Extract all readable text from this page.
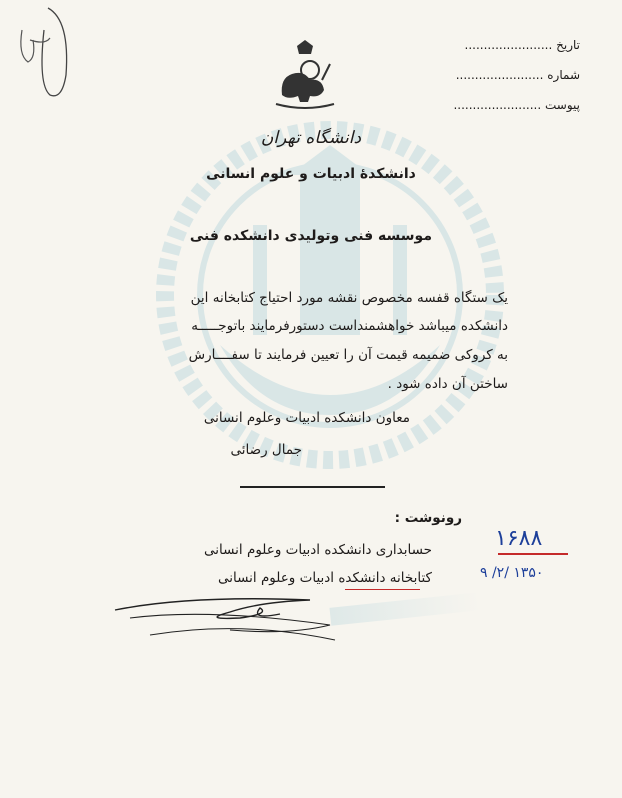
تاریخ .......................
شماره .......................
پیوست .......................
دانشگاه تهران
دانشکدهٔ ادبیات و علوم انسانی
موسسه فنی وتولیدی دانشکده فنی
یک ستگاه قفسه مخصوص نقشه مورد احتیاج کتابخانه این
دانشکده میباشد خواهشمنداست دستورفرمایند باتوجـــــه
به کروکی ضمیمه قیمت آن را تعیین فرمایند تا سفــــارش
ساختن آن داده شود .
معاون دانشکده ادبیات وعلوم انسانی
جمال رضائی
رونوشت :
حسابداری دانشکده ادبیات وعلوم انسانی
کتابخانه دانشکده ادبیات وعلوم انسانی
۱۶۸۸
۹ /۲/ ۱۳۵۰
